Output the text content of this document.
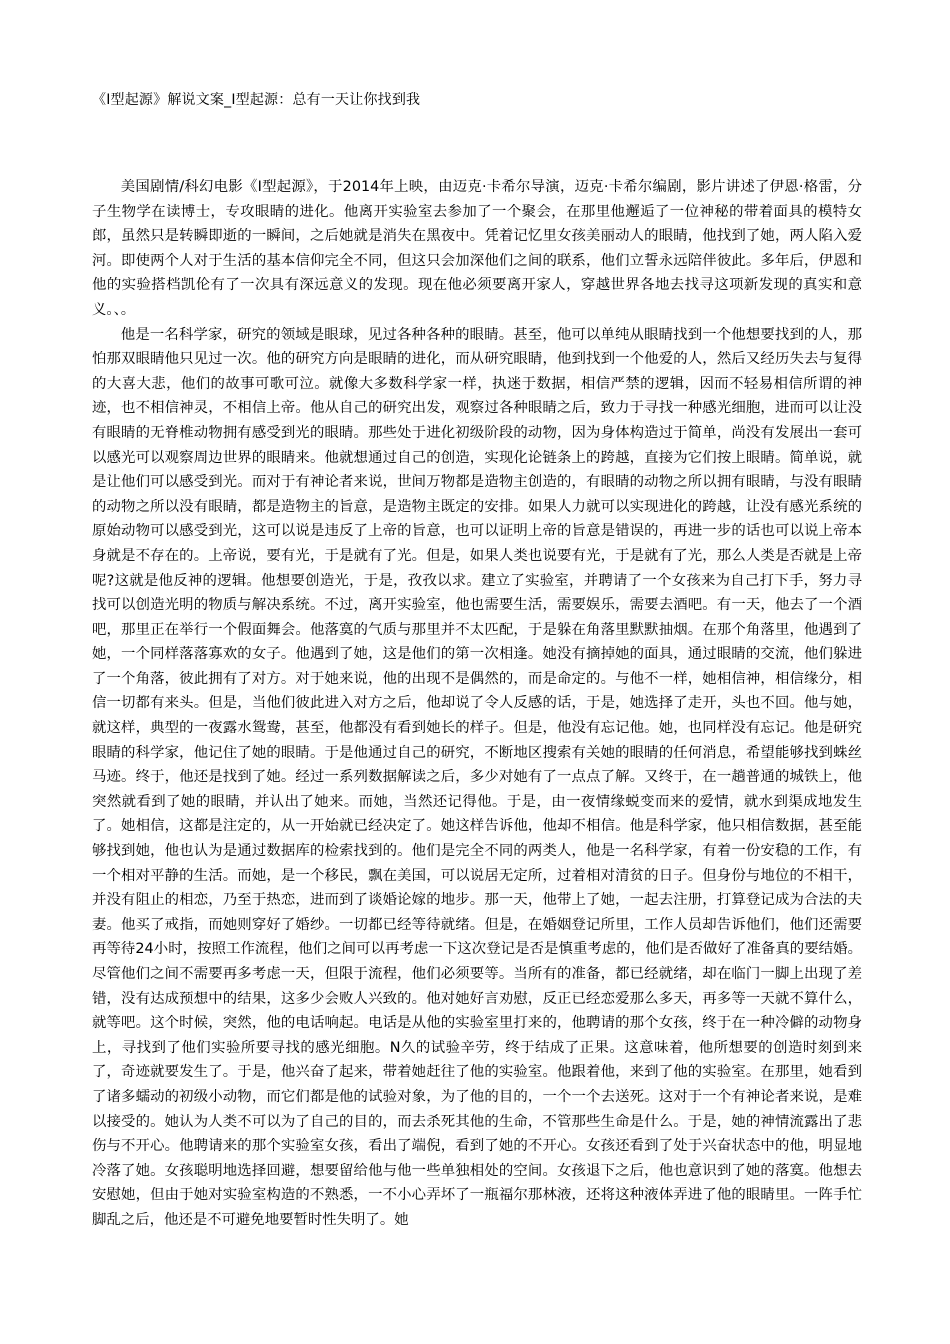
《I型起源》解说文案_I型起源：总有一天让你找到我

美国剧情/科幻电影《I型起源》，于2014年上映，由迈克·卡希尔导演，迈克·卡希尔编剧，影片讲述了伊恩·格雷，分子生物学在读博士，专攻眼睛的进化。他离开实验室去参加了一个聚会，在那里他邂逅了一位神秘的带着面具的模特女郎，虽然只是转瞬即逝的一瞬间，之后她就是消失在黑夜中。凭着记忆里女孩美丽动人的眼睛，他找到了她，两人陷入爱河。即使两个人对于生活的基本信仰完全不同，但这只会加深他们之间的联系，他们立誓永远陪伴彼此。多年后，伊恩和他的实验搭档凯伦有了一次具有深远意义的发现。现在他必须要离开家人，穿越世界各地去找寻这项新发现的真实和意义。、。

他是一名科学家，研究的领域是眼球，见过各种各种的眼睛。甚至，他可以单纯从眼睛找到一个他想要找到的人，那怕那双眼睛他只见过一次。他的研究方向是眼睛的进化，而从研究眼睛，他到找到一个他爱的人，然后又经历失去与复得的大喜大悲，他们的故事可歌可泣。就像大多数科学家一样，执迷于数据，相信严禁的逻辑，因而不轻易相信所谓的神迹，也不相信神灵，不相信上帝。他从自己的研究出发，观察过各种眼睛之后，致力于寻找一种感光细胞，进而可以让没有眼睛的无脊椎动物拥有感受到光的眼睛。那些处于进化初级阶段的动物，因为身体构造过于简单，尚没有发展出一套可以感光可以观察周边世界的眼睛来。他就想通过自己的创造，实现化论链条上的跨越，直接为它们按上眼睛。简单说，就是让他们可以感受到光。而对于有神论者来说，世间万物都是造物主创造的，有眼睛的动物之所以拥有眼睛，与没有眼睛的动物之所以没有眼睛，都是造物主的旨意，是造物主既定的安排。如果人力就可以实现进化的跨越，让没有感光系统的原始动物可以感受到光，这可以说是违反了上帝的旨意，也可以证明上帝的旨意是错误的，再进一步的话也可以说上帝本身就是不存在的。上帝说，要有光，于是就有了光。但是，如果人类也说要有光，于是就有了光，那么人类是否就是上帝呢?这就是他反神的逻辑。他想要创造光，于是，孜孜以求。建立了实验室，并聘请了一个女孩来为自己打下手，努力寻找可以创造光明的物质与解决系统。不过，离开实验室，他也需要生活，需要娱乐，需要去酒吧。有一天，他去了一个酒吧，那里正在举行一个假面舞会。他落寞的气质与那里并不太匹配，于是躲在角落里默默抽烟。在那个角落里，他遇到了她，一个同样落落寡欢的女子。他遇到了她，这是他们的第一次相逢。她没有摘掉她的面具，通过眼睛的交流，他们躲进了一个角落，彼此拥有了对方。对于她来说，他的出现不是偶然的，而是命定的。与他不一样，她相信神，相信缘分，相信一切都有来头。但是，当他们彼此进入对方之后，他却说了令人反感的话，于是，她选择了走开，头也不回。他与她，就这样，典型的一夜露水鸳鸯，甚至，他都没有看到她长的样子。但是，他没有忘记他。她，也同样没有忘记。他是研究眼睛的科学家，他记住了她的眼睛。于是他通过自己的研究，不断地区搜索有关她的眼睛的任何消息，希望能够找到蛛丝马迹。终于，他还是找到了她。经过一系列数据解读之后，多少对她有了一点点了解。又终于，在一趟普通的城铁上，他突然就看到了她的眼睛，并认出了她来。而她，当然还记得他。于是，由一夜情缘蜕变而来的爱情，就水到渠成地发生了。她相信，这都是注定的，从一开始就已经决定了。她这样告诉他，他却不相信。他是科学家，他只相信数据，甚至能够找到她，他也认为是通过数据库的检索找到的。他们是完全不同的两类人，他是一名科学家，有着一份安稳的工作，有一个相对平静的生活。而她，是一个移民，飘在美国，可以说居无定所，过着相对清贫的日子。但身份与地位的不相干，并没有阻止的相恋，乃至于热恋，进而到了谈婚论嫁的地步。那一天，他带上了她，一起去注册，打算登记成为合法的夫妻。他买了戒指，而她则穿好了婚纱。一切都已经等待就绪。但是，在婚姻登记所里，工作人员却告诉他们，他们还需要再等待24小时，按照工作流程，他们之间可以再考虑一下这次登记是否是慎重考虑的，他们是否做好了准备真的要结婚。尽管他们之间不需要再多考虑一天，但限于流程，他们必须要等。当所有的准备，都已经就绪，却在临门一脚上出现了差错，没有达成预想中的结果，这多少会败人兴致的。他对她好言劝慰，反正已经恋爱那么多天，再多等一天就不算什么，就等吧。这个时候，突然，他的电话响起。电话是从他的实验室里打来的，他聘请的那个女孩，终于在一种冷僻的动物身上，寻找到了他们实验所要寻找的感光细胞。N久的试验辛劳，终于结成了正果。这意味着，他所想要的创造时刻到来了，奇迹就要发生了。于是，他兴奋了起来，带着她赶往了他的实验室。他跟着他，来到了他的实验室。在那里，她看到了诸多蠕动的初级小动物，而它们都是他的试验对象，为了他的目的，一个一个去送死。这对于一个有神论者来说，是难以接受的。她认为人类不可以为了自己的目的，而去杀死其他的生命，不管那些生命是什么。于是，她的神情流露出了悲伤与不开心。他聘请来的那个实验室女孩，看出了端倪，看到了她的不开心。女孩还看到了处于兴奋状态中的他，明显地冷落了她。女孩聪明地选择回避，想要留给他与他一些单独相处的空间。女孩退下之后，他也意识到了她的落寞。他想去安慰她，但由于她对实验室构造的不熟悉，一不小心弄坏了一瓶福尔那林液，还将这种液体弄进了他的眼睛里。一阵手忙脚乱之后，他还是不可避免地要暂时性失明了。她
